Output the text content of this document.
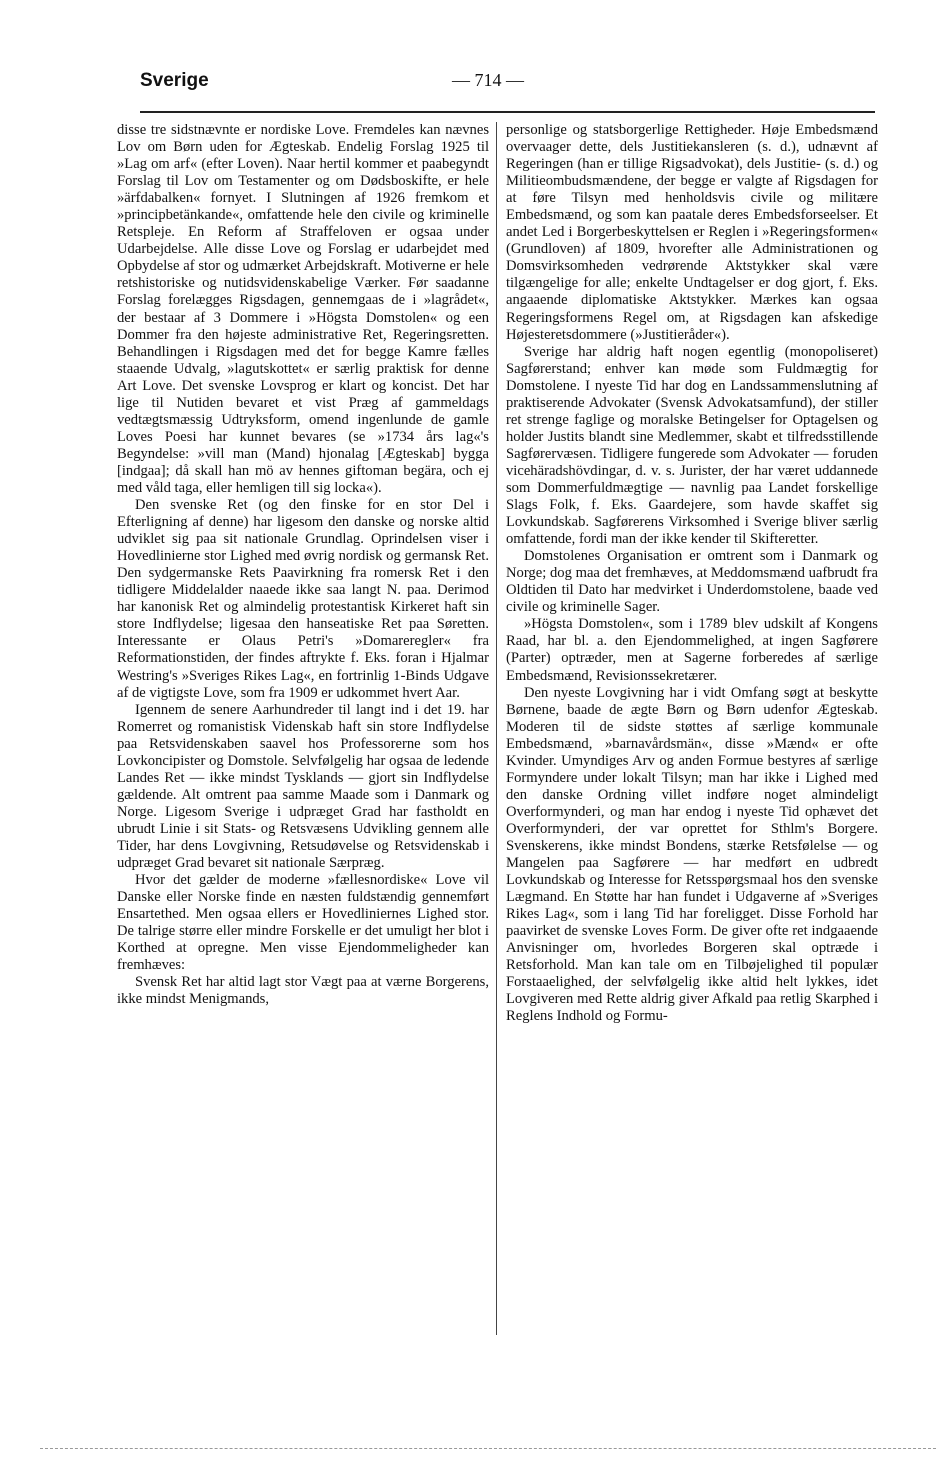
Sverige	— 714 —

disse tre sidstnævnte er nordiske Love. Fremdeles kan nævnes Lov om Børn uden for Ægteskab. Endelig Forslag 1925 til »Lag om arf« (efter Loven). Naar hertil kommer et paabegyndt Forslag til Lov om Testamenter og om Dødsboskifte, er hele »ärfdabalken« fornyet. I Slutningen af 1926 fremkom et »principbetänkande«, omfattende hele den civile og kriminelle Retspleje. En Reform af Straffeloven er ogsaa under Udarbejdelse. Alle disse Love og Forslag er udarbejdet med Opbydelse af stor og udmærket Arbejdskraft. Motiverne er hele retshistoriske og nutidsvidenskabelige Værker. Før saadanne Forslag forelægges Rigsdagen, gennemgaas de i »lagrådet«, der bestaar af 3 Dommere i »Högsta Domstolen« og een Dommer fra den højeste administrative Ret, Regeringsretten. Behandlingen i Rigsdagen med det for begge Kamre fælles staaende Udvalg, »lagutskottet« er særlig praktisk for denne Art Love. Det svenske Lovsprog er klart og koncist. Det har lige til Nutiden bevaret et vist Præg af gammeldags vedtægtsmæssig Udtryksform, omend ingenlunde de gamle Loves Poesi har kunnet bevares (se »1734 års lag«'s Begyndelse: »vill man (Mand) hjonalag [Ægteskab] bygga [indgaa]; då skall han mö av hennes giftoman begära, och ej med våld taga, eller hemligen till sig locka«).

Den svenske Ret (og den finske for en stor Del i Efterligning af denne) har ligesom den danske og norske altid udviklet sig paa sit nationale Grundlag. Oprindelsen viser i Hovedlinierne stor Lighed med øvrig nordisk og germansk Ret. Den sydgermanske Rets Paavirkning fra romersk Ret i den tidligere Middelalder naaede ikke saa langt N. paa. Derimod har kanonisk Ret og almindelig protestantisk Kirkeret haft sin store Indflydelse; ligesaa den hanseatiske Ret paa Søretten. Interessante er Olaus Petri's »Domareregler« fra Reformationstiden, der findes aftrykte f. Eks. foran i Hjalmar Westring's »Sveriges Rikes Lag«, en fortrinlig 1-Binds Udgave af de vigtigste Love, som fra 1909 er udkommet hvert Aar.

Igennem de senere Aarhundreder til langt ind i det 19. har Romerret og romanistisk Videnskab haft sin store Indflydelse paa Retsvidenskaben saavel hos Professorerne som hos Lovkoncipister og Domstole. Selvfølgelig har ogsaa de ledende Landes Ret — ikke mindst Tysklands — gjort sin Indflydelse gældende. Alt omtrent paa samme Maade som i Danmark og Norge. Ligesom Sverige i udpræget Grad har fastholdt en ubrudt Linie i sit Stats- og Retsvæsens Udvikling gennem alle Tider, har dens Lovgivning, Retsudøvelse og Retsvidenskab i udpræget Grad bevaret sit nationale Særpræg.

Hvor det gælder de moderne »fællesnordiske« Love vil Danske eller Norske finde en næsten fuldstændig gennemført Ensartethed. Men ogsaa ellers er Hovedliniernes Lighed stor. De talrige større eller mindre Forskelle er det umuligt her blot i Korthed at opregne. Men visse Ejendommeligheder kan fremhæves:

Svensk Ret har altid lagt stor Vægt paa at værne Borgerens, ikke mindst Menigmands,

personlige og statsborgerlige Rettigheder. Høje Embedsmænd overvaager dette, dels Justitiekansleren (s. d.), udnævnt af Regeringen (han er tillige Rigsadvokat), dels Justitie- (s. d.) og Militieombudsmændene, der begge er valgte af Rigsdagen for at føre Tilsyn med henholdsvis civile og militære Embedsmænd, og som kan paatale deres Embedsforseelser. Et andet Led i Borgerbeskyttelsen er Reglen i »Regeringsformen« (Grundloven) af 1809, hvorefter alle Administrationen og Domsvirksomheden vedrørende Aktstykker skal være tilgængelige for alle; enkelte Undtagelser er dog gjort, f. Eks. angaaende diplomatiske Aktstykker. Mærkes kan ogsaa Regeringsformens Regel om, at Rigsdagen kan afskedige Højesteretsdommere (»Justitieråder«).

Sverige har aldrig haft nogen egentlig (monopoliseret) Sagførerstand; enhver kan møde som Fuldmægtig for Domstolene. I nyeste Tid har dog en Landssammenslutning af praktiserende Advokater (Svensk Advokatsamfund), der stiller ret strenge faglige og moralske Betingelser for Optagelsen og holder Justits blandt sine Medlemmer, skabt et tilfredsstillende Sagførervæsen. Tidligere fungerede som Advokater — foruden vicehäradshövdingar, d. v. s. Jurister, der har været uddannede som Dommerfuldmægtige — navnlig paa Landet forskellige Slags Folk, f. Eks. Gaardejere, som havde skaffet sig Lovkundskab. Sagførerens Virksomhed i Sverige bliver særlig omfattende, fordi man der ikke kender til Skifteretter.

Domstolenes Organisation er omtrent som i Danmark og Norge; dog maa det fremhæves, at Meddomsmænd uafbrudt fra Oldtiden til Dato har medvirket i Underdomstolene, baade ved civile og kriminelle Sager.

»Högsta Domstolen«, som i 1789 blev udskilt af Kongens Raad, har bl. a. den Ejendommelighed, at ingen Sagførere (Parter) optræder, men at Sagerne forberedes af særlige Embedsmænd, Revisionssekretærer.

Den nyeste Lovgivning har i vidt Omfang søgt at beskytte Børnene, baade de ægte Børn og Børn udenfor Ægteskab. Moderen til de sidste støttes af særlige kommunale Embedsmænd, »barnavårdsmän«, disse »Mænd« er ofte Kvinder. Umyndiges Arv og anden Formue bestyres af særlige Formyndere under lokalt Tilsyn; man har ikke i Lighed med den danske Ordning villet indføre noget almindeligt Overformynderi, og man har endog i nyeste Tid ophævet det Overformynderi, der var oprettet for Sthlm's Borgere. Svenskerens, ikke mindst Bondens, stærke Retsfølelse — og Mangelen paa Sagførere — har medført en udbredt Lovkundskab og Interesse for Retsspørgsmaal hos den svenske Lægmand. En Støtte har han fundet i Udgaverne af »Sveriges Rikes Lag«, som i lang Tid har foreligget. Disse Forhold har paavirket de svenske Loves Form. De giver ofte ret indgaaende Anvisninger om, hvorledes Borgeren skal optræde i Retsforhold. Man kan tale om en Tilbøjelighed til populær Forstaaelighed, der selvfølgelig ikke altid helt lykkes, idet Lovgiveren med Rette aldrig giver Afkald paa retlig Skarphed i Reglens Indhold og Formu-
